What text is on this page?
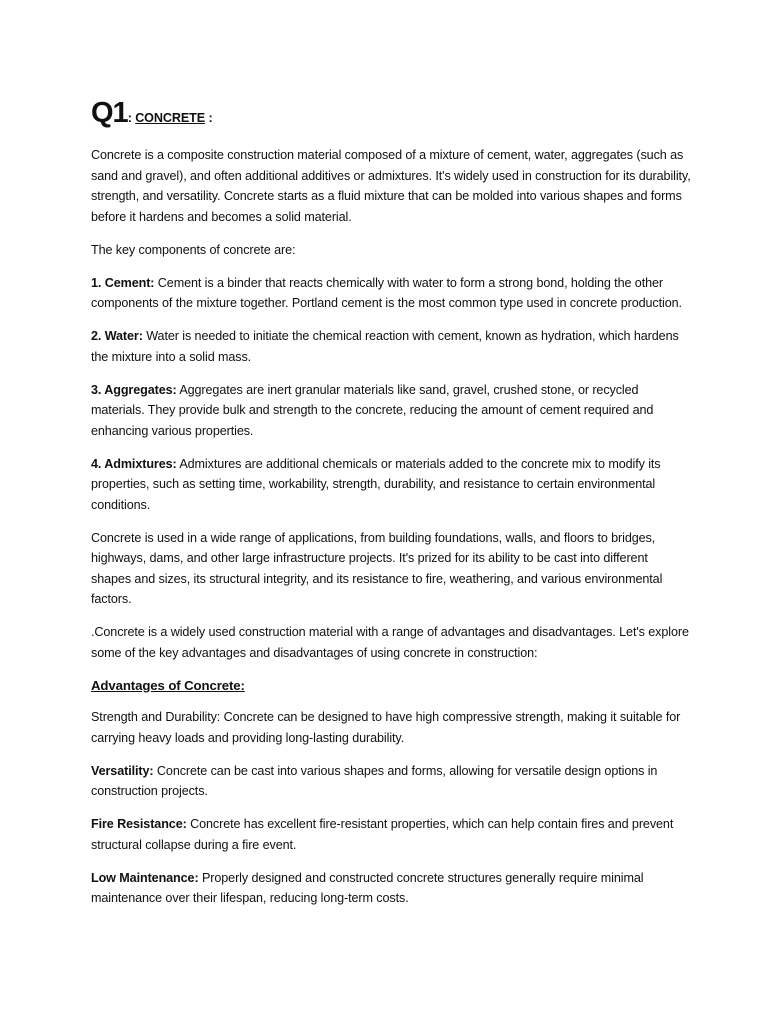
Q1: CONCRETE :

Concrete is a composite construction material composed of a mixture of cement, water, aggregates (such as sand and gravel), and often additional additives or admixtures. It's widely used in construction for its durability, strength, and versatility. Concrete starts as a fluid mixture that can be molded into various shapes and forms before it hardens and becomes a solid material.

The key components of concrete are:

1. Cement: Cement is a binder that reacts chemically with water to form a strong bond, holding the other components of the mixture together. Portland cement is the most common type used in concrete production.

2. Water: Water is needed to initiate the chemical reaction with cement, known as hydration, which hardens the mixture into a solid mass.

3. Aggregates: Aggregates are inert granular materials like sand, gravel, crushed stone, or recycled materials. They provide bulk and strength to the concrete, reducing the amount of cement required and enhancing various properties.

4. Admixtures: Admixtures are additional chemicals or materials added to the concrete mix to modify its properties, such as setting time, workability, strength, durability, and resistance to certain environmental conditions.

Concrete is used in a wide range of applications, from building foundations, walls, and floors to bridges, highways, dams, and other large infrastructure projects. It's prized for its ability to be cast into different shapes and sizes, its structural integrity, and its resistance to fire, weathering, and various environmental factors.

.Concrete is a widely used construction material with a range of advantages and disadvantages. Let's explore some of the key advantages and disadvantages of using concrete in construction:

Advantages of Concrete:

Strength and Durability: Concrete can be designed to have high compressive strength, making it suitable for carrying heavy loads and providing long-lasting durability.

Versatility: Concrete can be cast into various shapes and forms, allowing for versatile design options in construction projects.

Fire Resistance: Concrete has excellent fire-resistant properties, which can help contain fires and prevent structural collapse during a fire event.

Low Maintenance: Properly designed and constructed concrete structures generally require minimal maintenance over their lifespan, reducing long-term costs.
